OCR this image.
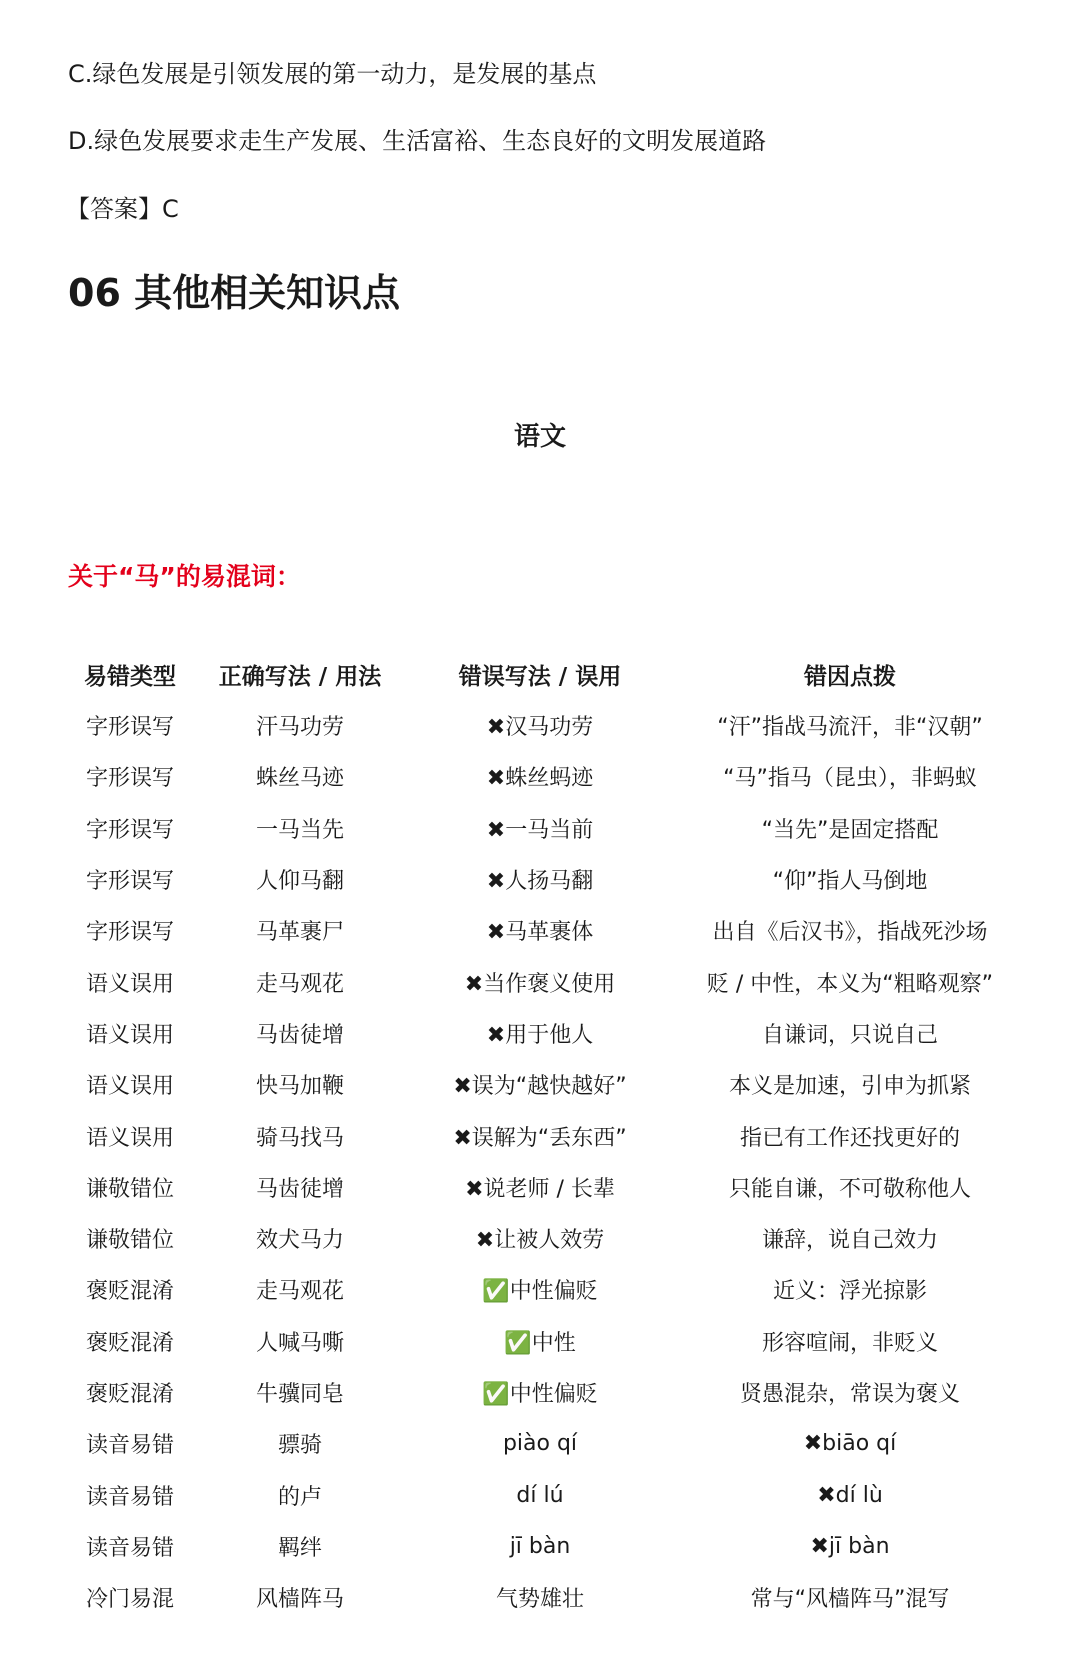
C.绿色发展是引领发展的第一动力，是发展的基点
D.绿色发展要求走生产发展、生活富裕、生态良好的文明发展道路
【答案】C
06 其他相关知识点
语文
关于“马”的易混词：
易错类型	正确写法 / 用法	错误写法 / 误用	错因点拨
字形误写	汗马功劳	✖汉马功劳	“汗”指战马流汗，非“汉朝”
字形误写	蛛丝马迹	✖蛛丝蚂迹	“马”指马（昆虫），非蚂蚁
字形误写	一马当先	✖一马当前	“当先”是固定搭配
字形误写	人仰马翻	✖人扬马翻	“仰”指人马倒地
字形误写	马革裹尸	✖马革裹体	出自《后汉书》，指战死沙场
语义误用	走马观花	✖当作褒义使用	贬 / 中性，本义为“粗略观察”
语义误用	马齿徒增	✖用于他人	自谦词，只说自己
语义误用	快马加鞭	✖误为“越快越好”	本义是加速，引申为抓紧
语义误用	骑马找马	✖误解为“丢东西”	指已有工作还找更好的
谦敬错位	马齿徒增	✖说老师 / 长辈	只能自谦，不可敬称他人
谦敬错位	效犬马力	✖让被人效劳	谦辞，说自己效力
褒贬混淆	走马观花	✅中性偏贬	近义：浮光掠影
褒贬混淆	人喊马嘶	✅中性	形容喧闹，非贬义
褒贬混淆	牛骥同皂	✅中性偏贬	贤愚混杂，常误为褒义
读音易错	骠骑	piào qí	✖biāo qí
读音易错	的卢	dí lú	✖dí lù
读音易错	羁绊	jī bàn	✖jī bàn
冷门易混	风樯阵马	气势雄壮	常与“风樯阵马”混写
